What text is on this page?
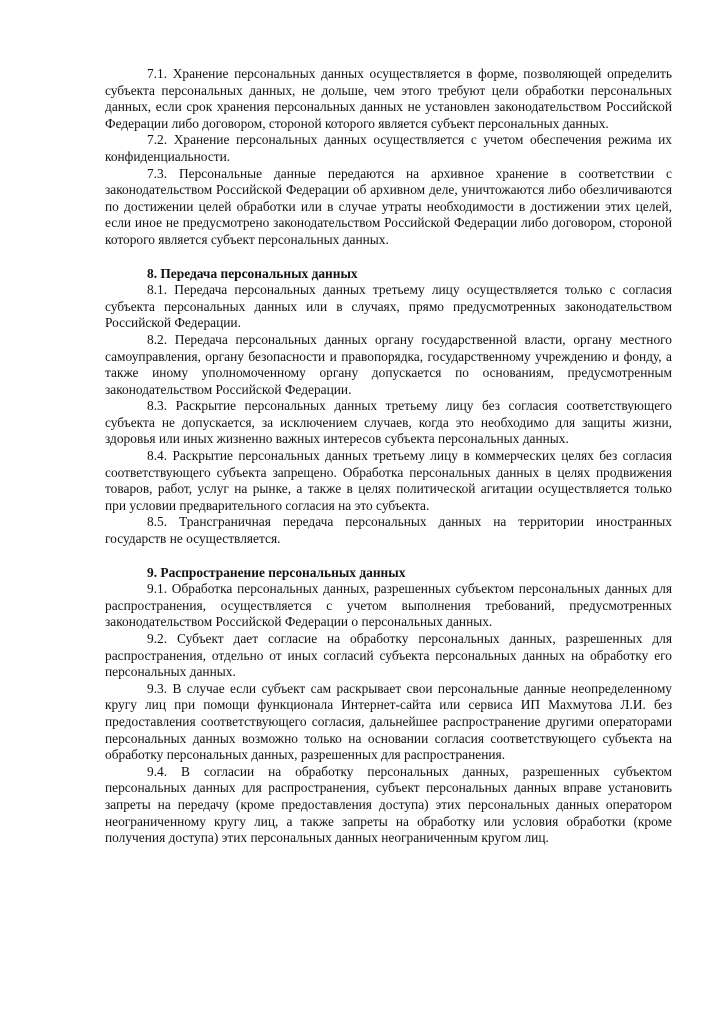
7.1. Хранение персональных данных осуществляется в форме, позволяющей определить субъекта персональных данных, не дольше, чем этого требуют цели обработки персональных данных, если срок хранения персональных данных не установлен законодательством Российской Федерации либо договором, стороной которого является субъект персональных данных.

7.2. Хранение персональных данных осуществляется с учетом обеспечения режима их конфиденциальности.

7.3. Персональные данные передаются на архивное хранение в соответствии с законодательством Российской Федерации об архивном деле, уничтожаются либо обезличиваются по достижении целей обработки или в случае утраты необходимости в достижении этих целей, если иное не предусмотрено законодательством Российской Федерации либо договором, стороной которого является субъект персональных данных.

8. Передача персональных данных

8.1. Передача персональных данных третьему лицу осуществляется только с согласия субъекта персональных данных или в случаях, прямо предусмотренных законодательством Российской Федерации.

8.2. Передача персональных данных органу государственной власти, органу местного самоуправления, органу безопасности и правопорядка, государственному учреждению и фонду, а также иному уполномоченному органу допускается по основаниям, предусмотренным законодательством Российской Федерации.

8.3. Раскрытие персональных данных третьему лицу без согласия соответствующего субъекта не допускается, за исключением случаев, когда это необходимо для защиты жизни, здоровья или иных жизненно важных интересов субъекта персональных данных.

8.4. Раскрытие персональных данных третьему лицу в коммерческих целях без согласия соответствующего субъекта запрещено. Обработка персональных данных в целях продвижения товаров, работ, услуг на рынке, а также в целях политической агитации осуществляется только при условии предварительного согласия на это субъекта.

8.5. Трансграничная передача персональных данных на территории иностранных государств не осуществляется.

9. Распространение персональных данных

9.1. Обработка персональных данных, разрешенных субъектом персональных данных для распространения, осуществляется с учетом выполнения требований, предусмотренных законодательством Российской Федерации о персональных данных.

9.2. Субъект дает согласие на обработку персональных данных, разрешенных для распространения, отдельно от иных согласий субъекта персональных данных на обработку его персональных данных.

9.3. В случае если субъект сам раскрывает свои персональные данные неопределенному кругу лиц при помощи функционала Интернет-сайта или сервиса ИП Махмутова Л.И. без предоставления соответствующего согласия, дальнейшее распространение другими операторами персональных данных возможно только на основании согласия соответствующего субъекта на обработку персональных данных, разрешенных для распространения.

9.4. В согласии на обработку персональных данных, разрешенных субъектом персональных данных для распространения, субъект персональных данных вправе установить запреты на передачу (кроме предоставления доступа) этих персональных данных оператором неограниченному кругу лиц, а также запреты на обработку или условия обработки (кроме получения доступа) этих персональных данных неограниченным кругом лиц.
